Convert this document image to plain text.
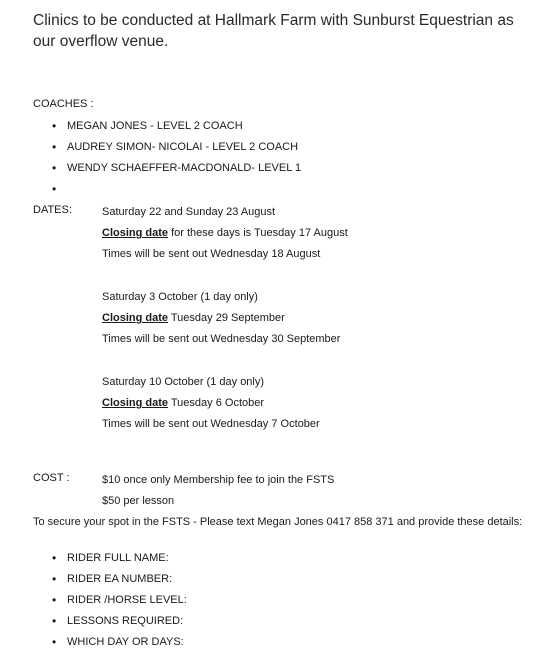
Clinics to be conducted at Hallmark Farm with Sunburst Equestrian as our overflow venue.

COACHES :
• MEGAN JONES - LEVEL 2 COACH
• AUDREY SIMON- NICOLAI - LEVEL 2 COACH
• WENDY SCHAEFFER-MACDONALD- LEVEL 1
•
DATES:	Saturday 22 and Sunday 23 August
Closing date for these days is Tuesday 17 August
Times will be sent out Wednesday 18 August
Saturday 3 October (1 day only)
Closing date Tuesday 29 September
Times will be sent out Wednesday 30 September
Saturday 10 October (1 day only)
Closing date Tuesday 6 October
Times will be sent out Wednesday 7 October
COST :	$10 once only Membership fee to join the FSTS
$50 per lesson
To secure your spot in the FSTS - Please text Megan Jones 0417 858 371 and provide these details:
• RIDER FULL NAME:
• RIDER EA NUMBER:
• RIDER /HORSE LEVEL:
• LESSONS REQUIRED:
• WHICH DAY OR DAYS:
